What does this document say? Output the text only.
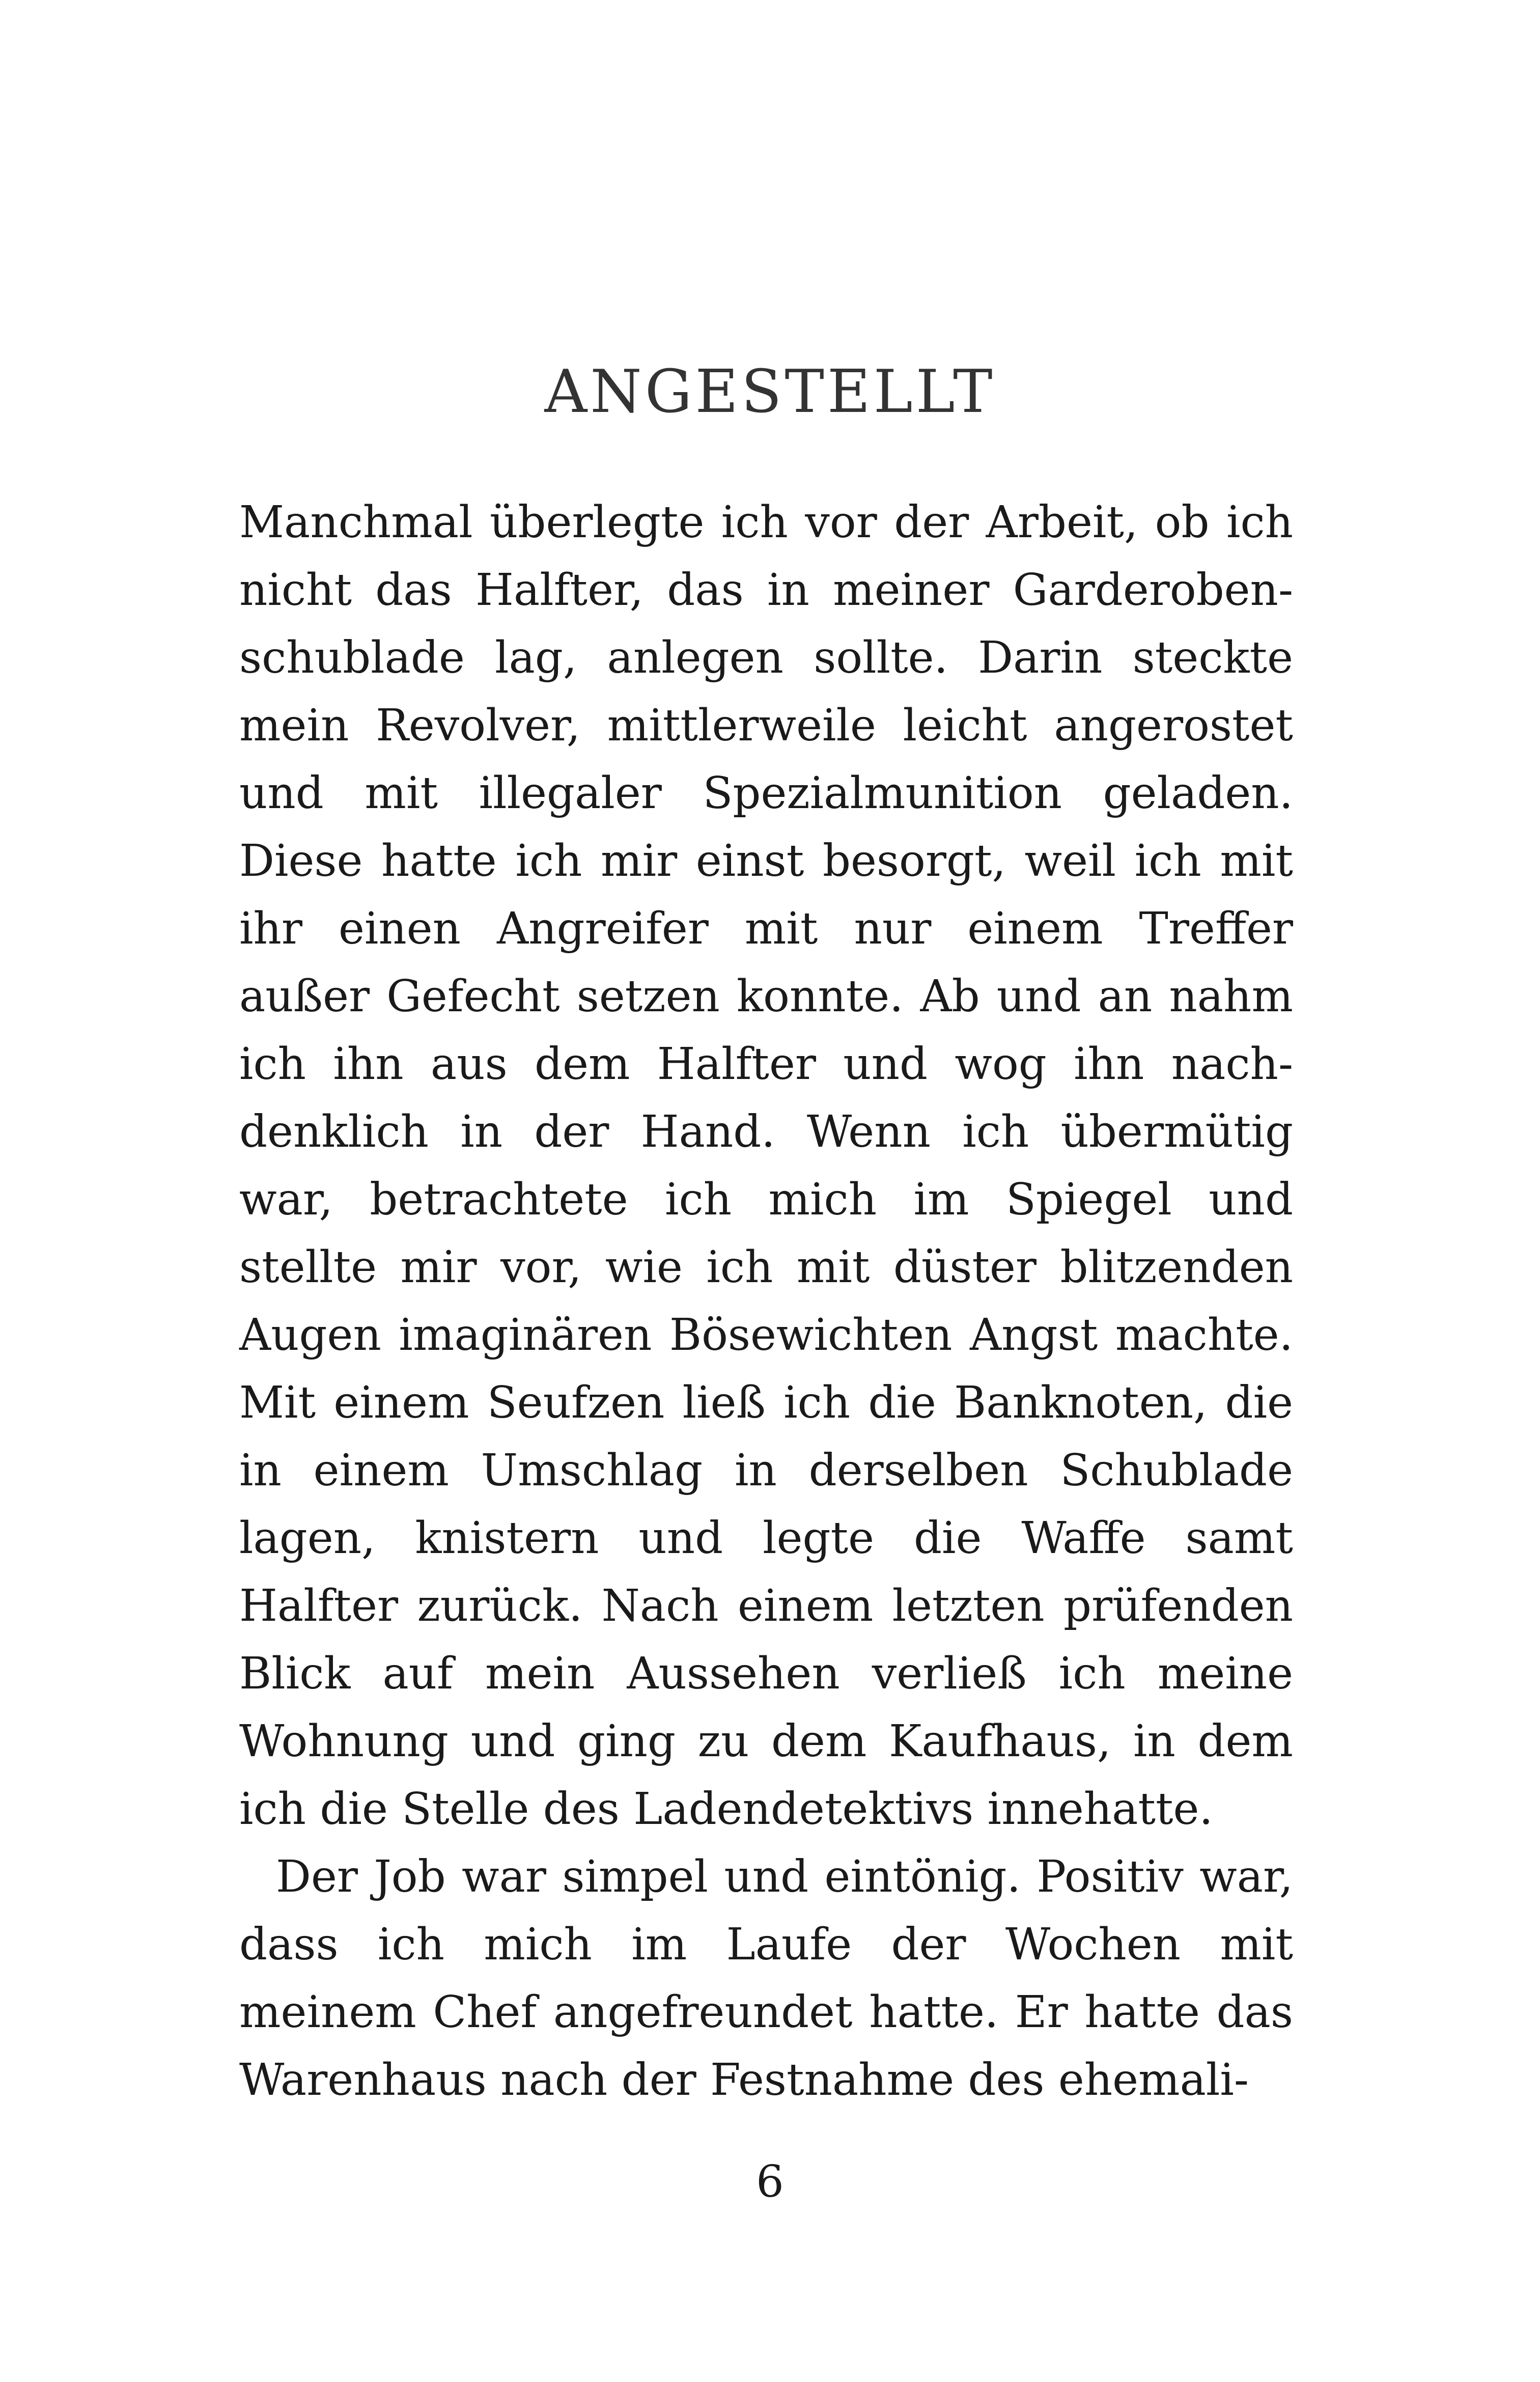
ANGESTELLT

Manchmal überlegte ich vor der Arbeit, ob ich nicht das Halfter, das in meiner Garderobenschublade lag, anlegen sollte. Darin steckte mein Revolver, mittlerweile leicht angerostet und mit illegaler Spezialmunition geladen. Diese hatte ich mir einst besorgt, weil ich mit ihr einen Angreifer mit nur einem Treffer außer Gefecht setzen konnte. Ab und an nahm ich ihn aus dem Halfter und wog ihn nachdenklich in der Hand. Wenn ich übermütig war, betrachtete ich mich im Spiegel und stellte mir vor, wie ich mit düster blitzenden Augen imaginären Bösewichten Angst machte. Mit einem Seufzen ließ ich die Banknoten, die in einem Umschlag in derselben Schublade lagen, knistern und legte die Waffe samt Halfter zurück. Nach einem letzten prüfenden Blick auf mein Aussehen verließ ich meine Wohnung und ging zu dem Kaufhaus, in dem ich die Stelle des Ladendetektivs innehatte.

Der Job war simpel und eintönig. Positiv war, dass ich mich im Laufe der Wochen mit meinem Chef angefreundet hatte. Er hatte das Warenhaus nach der Festnahme des ehemali-

6
